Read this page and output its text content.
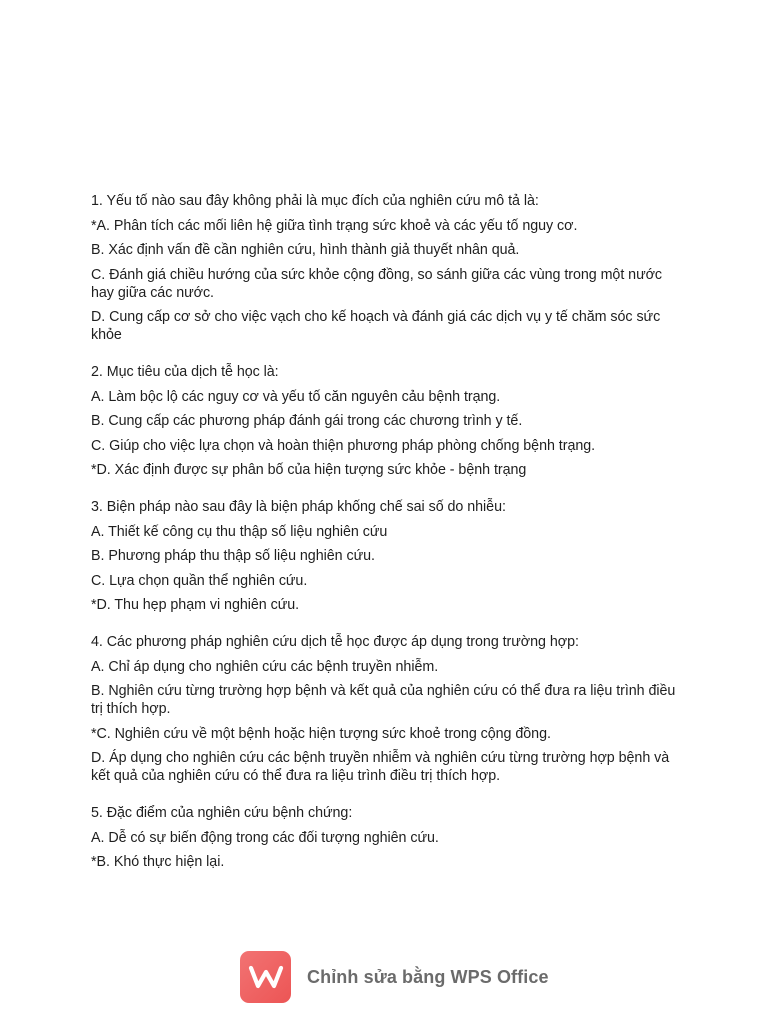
1. Yếu tố nào sau đây không phải là mục đích của nghiên cứu mô tả là:
*A. Phân tích các mối liên hệ giữa tình trạng sức khoẻ và các yếu tố nguy cơ.
B. Xác định vấn đề cần nghiên cứu, hình thành giả thuyết nhân quả.
C. Đánh giá chiều hướng của sức khỏe cộng đồng, so sánh giữa các vùng trong một nước hay giữa các nước.
D. Cung cấp cơ sở cho việc vạch cho kế hoạch và đánh giá các dịch vụ y tế chăm sóc sức khỏe
2. Mục tiêu của dịch tễ học là:
A. Làm bộc lộ các nguy cơ và yếu tố căn nguyên cảu bệnh trạng.
B. Cung cấp các phương pháp đánh gái trong các chương trình y tế.
C. Giúp cho việc lựa chọn và hoàn thiện phương pháp phòng chống bệnh trạng.
*D. Xác định được sự phân bố của hiện tượng sức khỏe - bệnh trạng
3. Biện pháp nào sau đây là biện pháp khống chế sai số do nhiễu:
A. Thiết kế công cụ thu thập số liệu nghiên cứu
B. Phương pháp thu thập số liệu nghiên cứu.
C. Lựa chọn quần thể nghiên cứu.
*D. Thu hẹp phạm vi nghiên cứu.
4. Các phương pháp nghiên cứu dịch tễ học được áp dụng trong trường hợp:
A. Chỉ áp dụng cho nghiên cứu các bệnh truyền nhiễm.
B. Nghiên cứu từng trường hợp bệnh và kết quả của nghiên cứu có thể đưa ra liệu trình điều trị thích hợp.
*C. Nghiên cứu về một bệnh hoặc hiện tượng sức khoẻ trong cộng đồng.
D. Áp dụng cho nghiên cứu các bệnh truyền nhiễm và nghiên cứu từng trường hợp bệnh và kết quả của nghiên cứu có thể đưa ra liệu trình điều trị thích hợp.
5. Đặc điểm của nghiên cứu bệnh chứng:
A. Dễ có sự biến động trong các đối tượng nghiên cứu.
*B. Khó thực hiện lại.
Chỉnh sửa bằng WPS Office
